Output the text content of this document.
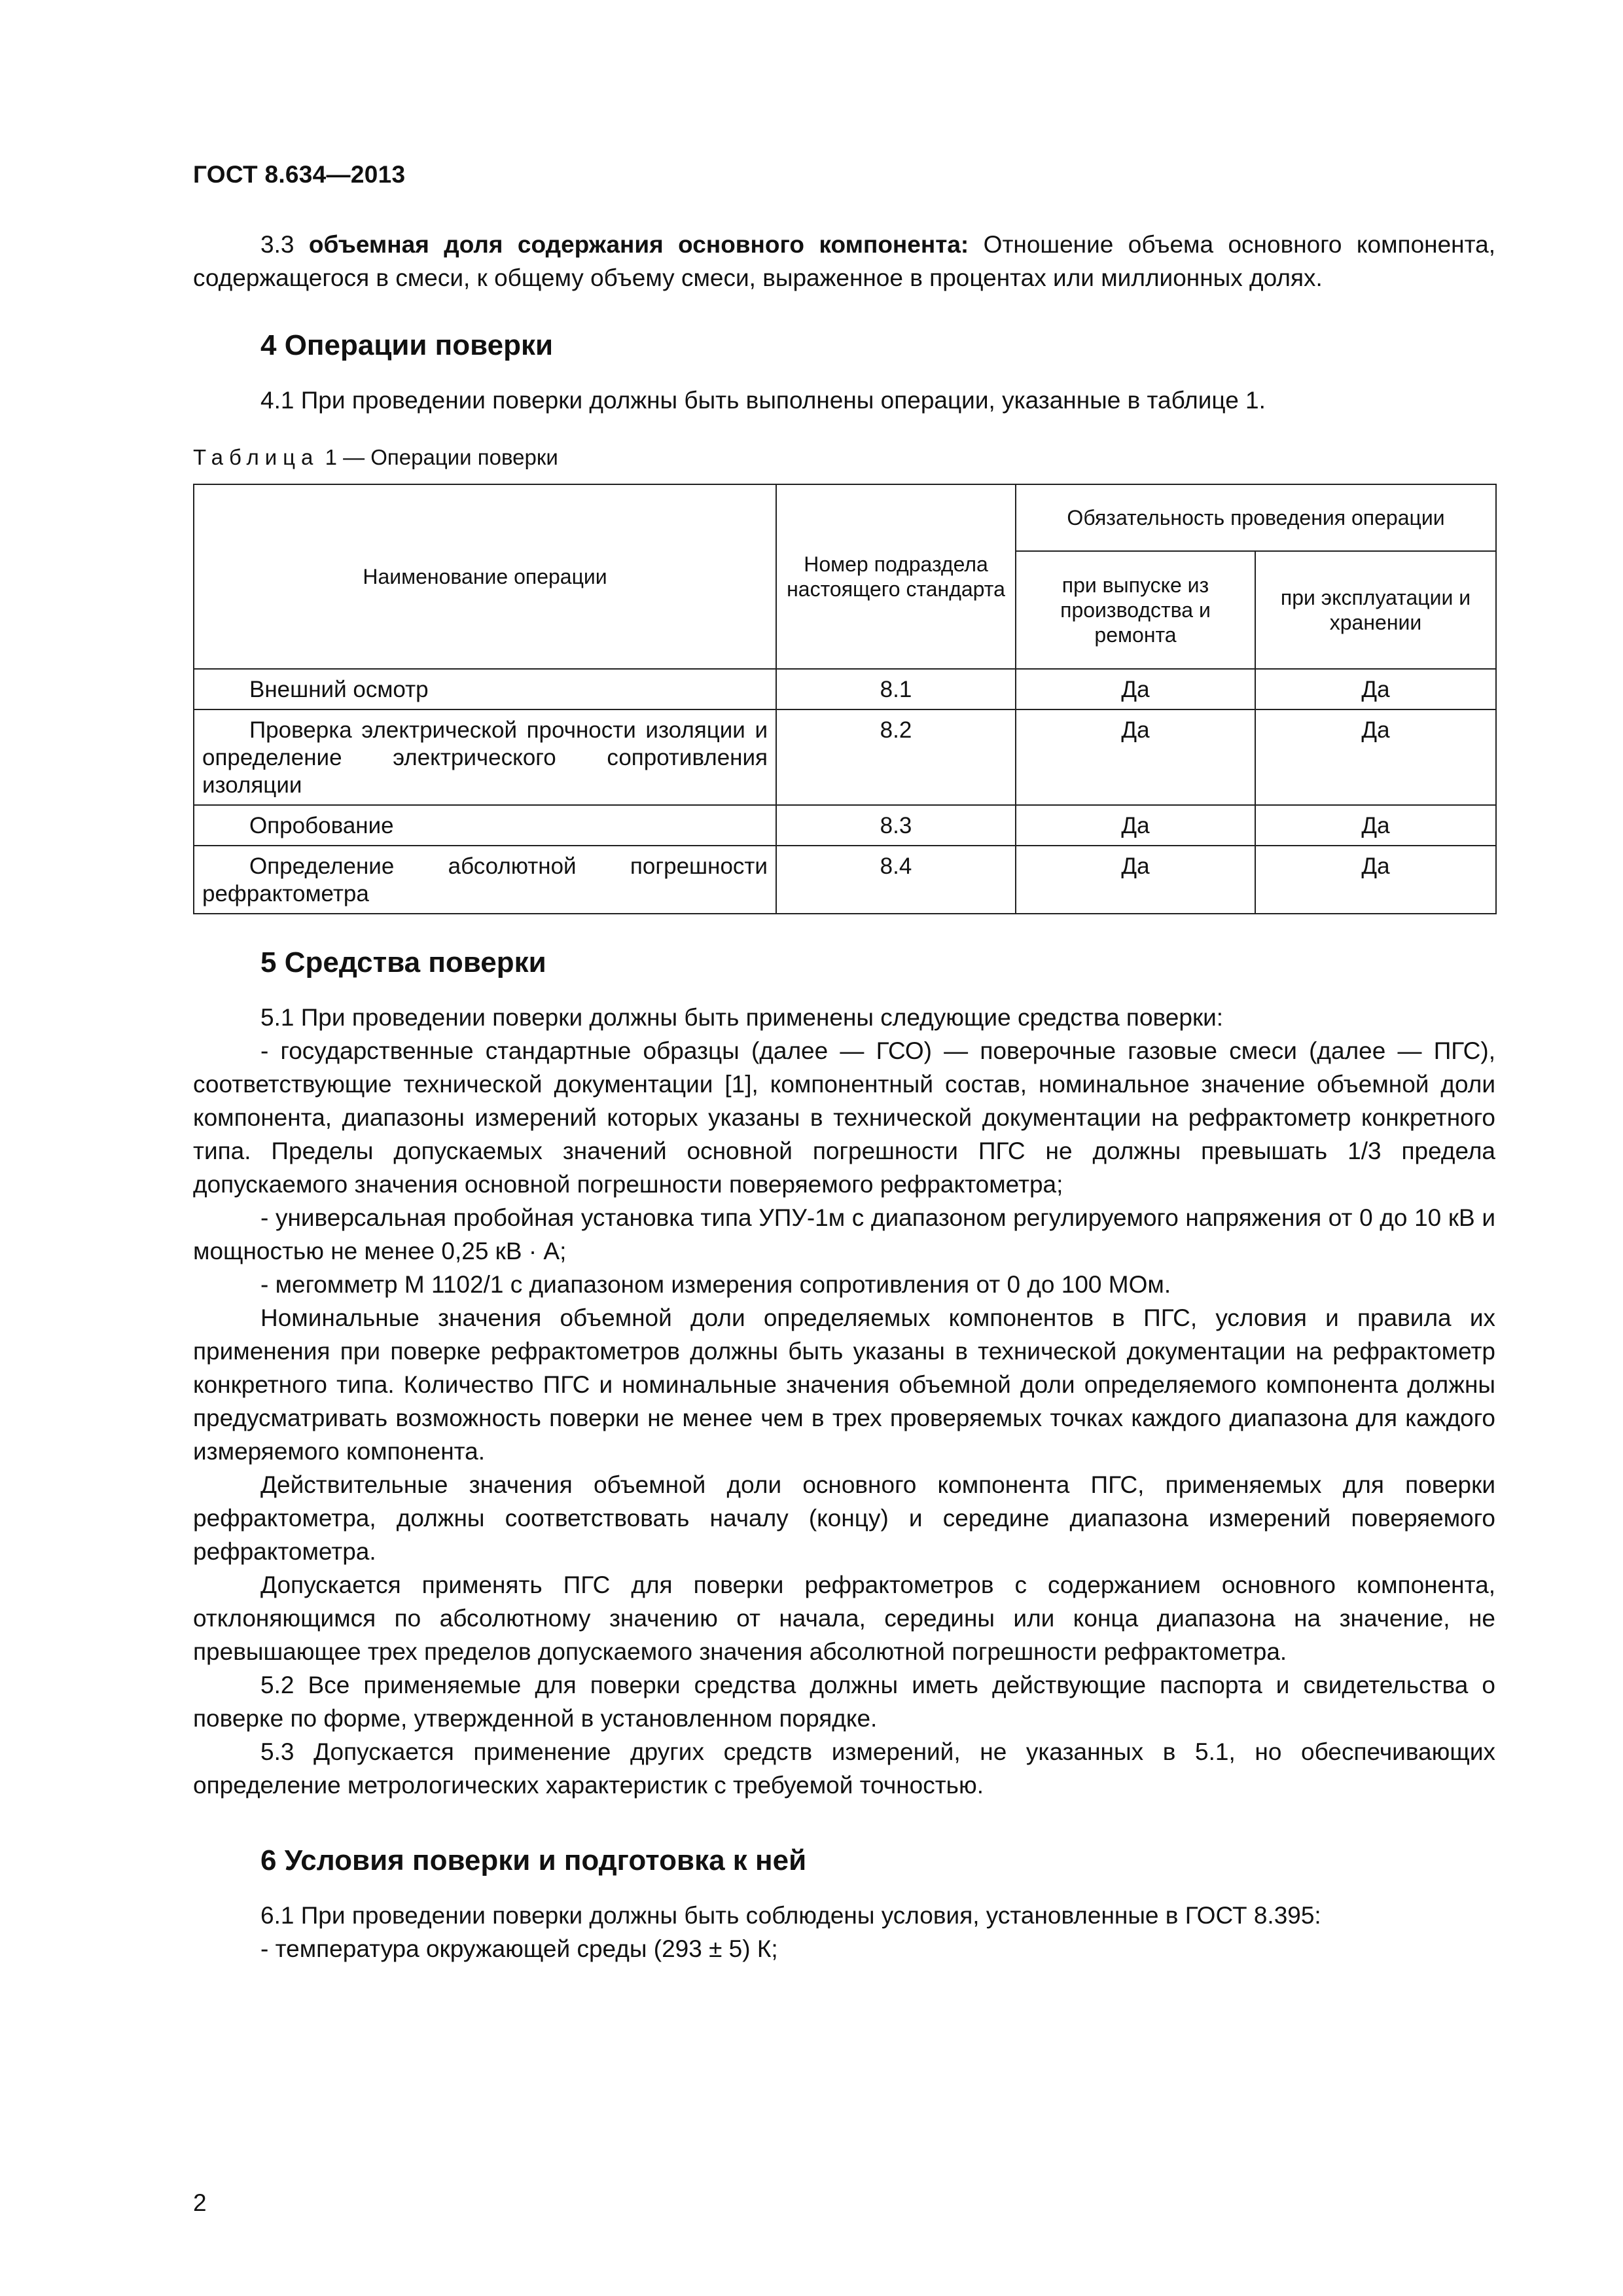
ГОСТ 8.634—2013

3.3 объемная доля содержания основного компонента: Отношение объема основного компонента, содержащегося в смеси, к общему объему смеси, выраженное в процентах или миллионных долях.

4 Операции поверки

4.1 При проведении поверки должны быть выполнены операции, указанные в таблице 1.

Таблица 1 — Операции поверки
Наименование операции	Номер подраздела настоящего стандарта	Обязательность проведения операции	
		при выпуске из производства и ремонта	при эксплуатации и хранении
Внешний осмотр	8.1	Да	Да
Проверка электрической прочности изоляции и определение электрического сопротивления изоляции	8.2	Да	Да
Опробование	8.3	Да	Да
Определение абсолютной погрешности рефрактометра	8.4	Да	Да
5 Средства поверки

5.1 При проведении поверки должны быть применены следующие средства поверки:

- государственные стандартные образцы (далее — ГСО) — поверочные газовые смеси (далее — ПГС), соответствующие технической документации [1], компонентный состав, номинальное значение объемной доли компонента, диапазоны измерений которых указаны в технической документации на рефрактометр конкретного типа. Пределы допускаемых значений основной погрешности ПГС не должны превышать 1/3 предела допускаемого значения основной погрешности поверяемого рефрактометра;

- универсальная пробойная установка типа УПУ-1м с диапазоном регулируемого напряжения от 0 до 10 кВ и мощностью не менее 0,25 кВ · А;

- мегомметр М 1102/1 с диапазоном измерения сопротивления от 0 до 100 МОм.

Номинальные значения объемной доли определяемых компонентов в ПГС, условия и правила их применения при поверке рефрактометров должны быть указаны в технической документации на рефрактометр конкретного типа. Количество ПГС и номинальные значения объемной доли определяемого компонента должны предусматривать возможность поверки не менее чем в трех проверяемых точках каждого диапазона для каждого измеряемого компонента.

Действительные значения объемной доли основного компонента ПГС, применяемых для поверки рефрактометра, должны соответствовать началу (концу) и середине диапазона измерений поверяемого рефрактометра.

Допускается применять ПГС для поверки рефрактометров с содержанием основного компонента, отклоняющимся по абсолютному значению от начала, середины или конца диапазона на значение, не превышающее трех пределов допускаемого значения абсолютной погрешности рефрактометра.

5.2 Все применяемые для поверки средства должны иметь действующие паспорта и свидетельства о поверке по форме, утвержденной в установленном порядке.

5.3 Допускается применение других средств измерений, не указанных в 5.1, но обеспечивающих определение метрологических характеристик с требуемой точностью.

6 Условия поверки и подготовка к ней

6.1 При проведении поверки должны быть соблюдены условия, установленные в ГОСТ 8.395:

- температура окружающей среды (293 ± 5) К;

2
